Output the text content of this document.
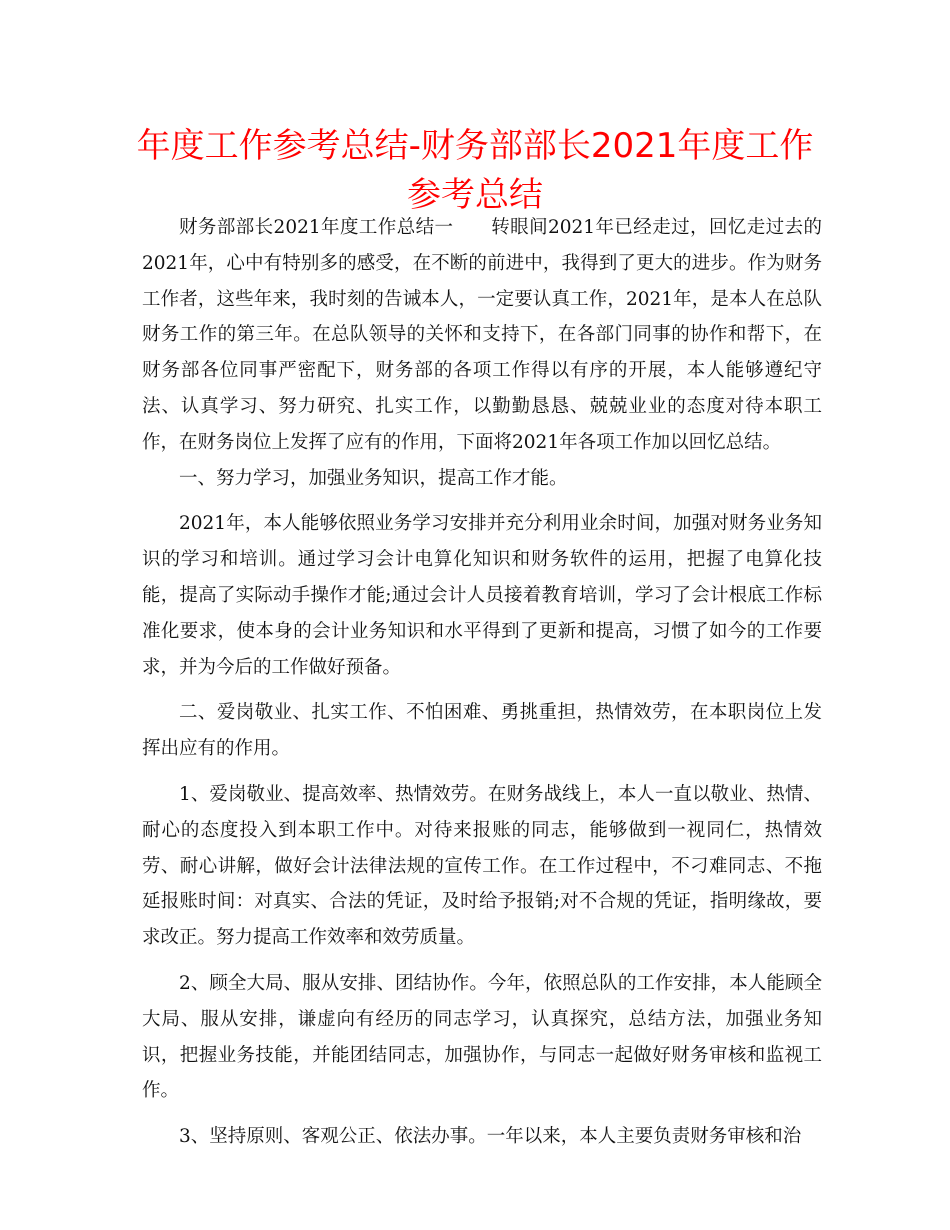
年度工作参考总结-财务部部长2021年度工作参考总结

财务部部长2021年度工作总结一　　转眼间2021年已经走过，回忆走过去的2021年，心中有特别多的感受，在不断的前进中，我得到了更大的进步。作为财务工作者，这些年来，我时刻的告诫本人，一定要认真工作，2021年，是本人在总队财务工作的第三年。在总队领导的关怀和支持下，在各部门同事的协作和帮下，在财务部各位同事严密配下，财务部的各项工作得以有序的开展，本人能够遵纪守法、认真学习、努力研究、扎实工作，以勤勤恳恳、兢兢业业的态度对待本职工作，在财务岗位上发挥了应有的作用，下面将2021年各项工作加以回忆总结。

一、努力学习，加强业务知识，提高工作才能。

2021年，本人能够依照业务学习安排并充分利用业余时间，加强对财务业务知识的学习和培训。通过学习会计电算化知识和财务软件的运用，把握了电算化技能，提高了实际动手操作才能;通过会计人员接着教育培训，学习了会计根底工作标准化要求，使本身的会计业务知识和水平得到了更新和提高，习惯了如今的工作要求，并为今后的工作做好预备。

二、爱岗敬业、扎实工作、不怕困难、勇挑重担，热情效劳，在本职岗位上发挥出应有的作用。

1、爱岗敬业、提高效率、热情效劳。在财务战线上，本人一直以敬业、热情、耐心的态度投入到本职工作中。对待来报账的同志，能够做到一视同仁，热情效劳、耐心讲解，做好会计法律法规的宣传工作。在工作过程中，不刁难同志、不拖延报账时间：对真实、合法的凭证，及时给予报销;对不合规的凭证，指明缘故，要求改正。努力提高工作效率和效劳质量。

2、顾全大局、服从安排、团结协作。今年，依照总队的工作安排，本人能顾全大局、服从安排，谦虚向有经历的同志学习，认真探究，总结方法，加强业务知识，把握业务技能，并能团结同志，加强协作，与同志一起做好财务审核和监视工作。

3、坚持原则、客观公正、依法办事。一年以来，本人主要负责财务审核和治
